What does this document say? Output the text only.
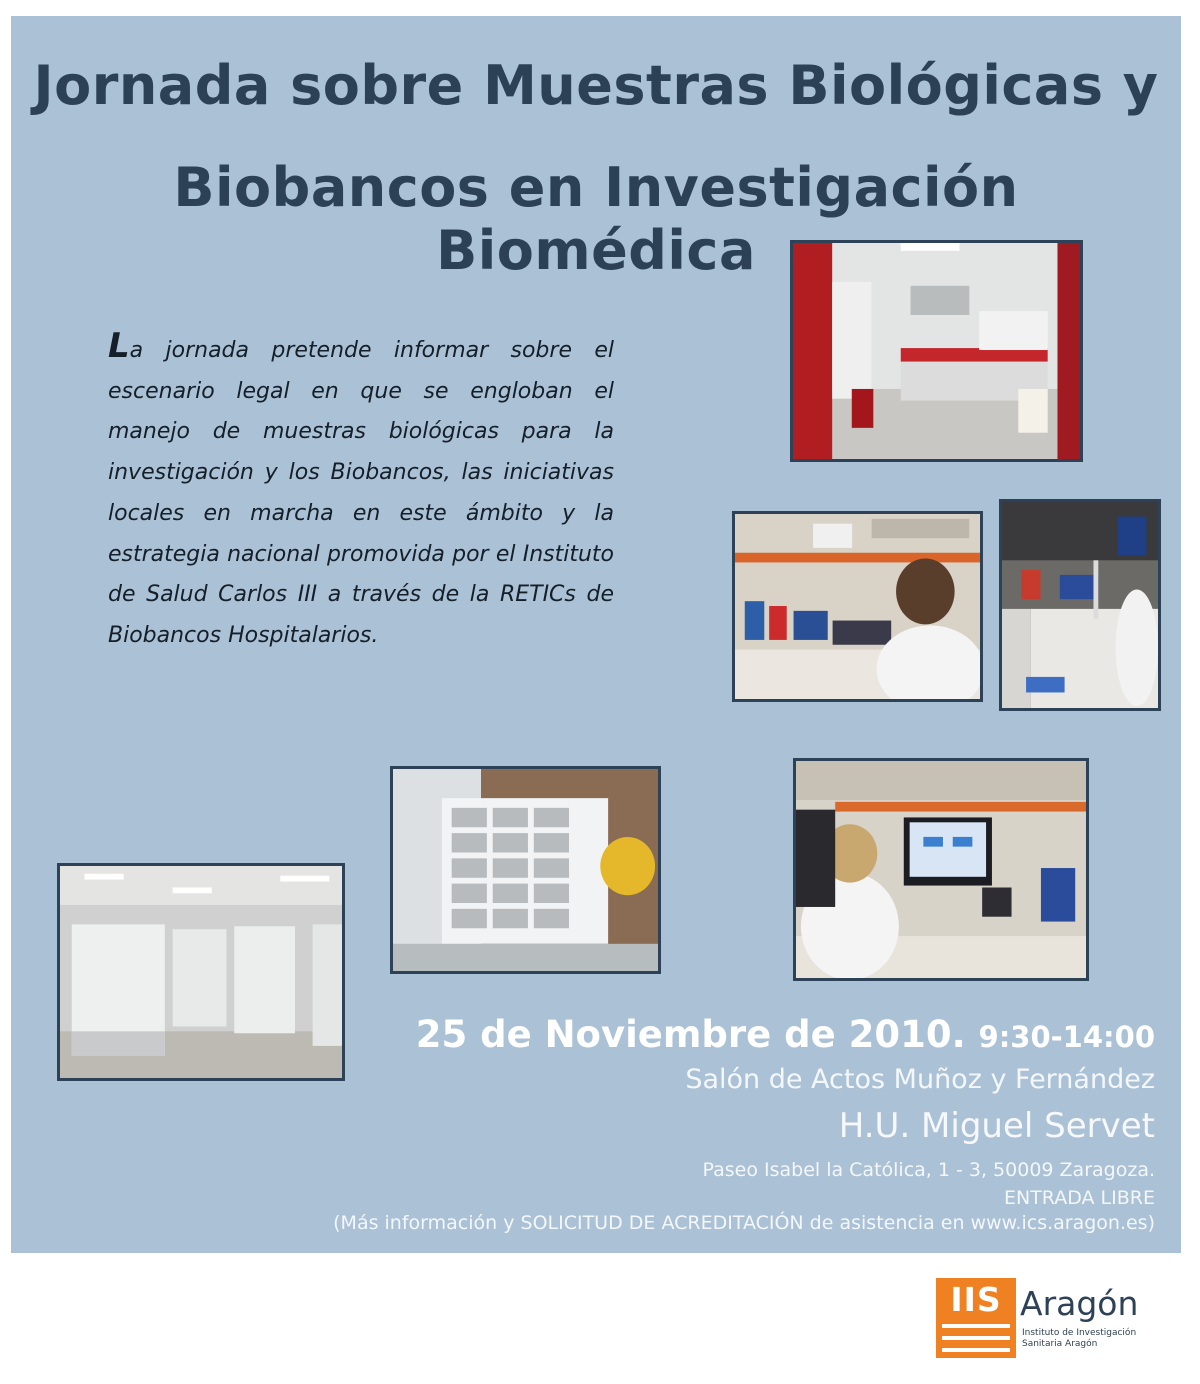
Jornada sobre Muestras Biológicas y
Biobancos en Investigación Biomédica

La jornada pretende informar sobre el escenario legal en que se engloban el manejo de muestras biológicas para la investigación y los Biobancos, las iniciativas locales en marcha en este ámbito y la estrategia nacional promovida por el Instituto de Salud Carlos III a través de la RETICs de Biobancos Hospitalarios.

25 de Noviembre de 2010. 9:30-14:00
Salón de Actos Muñoz y Fernández
H.U. Miguel Servet
Paseo Isabel la Católica, 1 - 3, 50009 Zaragoza.
ENTRADA LIBRE
(Más información y SOLICITUD DE ACREDITACIÓN de asistencia en www.ics.aragon.es)
IIS Aragón
Instituto de Investigación
Sanitaria Aragón
